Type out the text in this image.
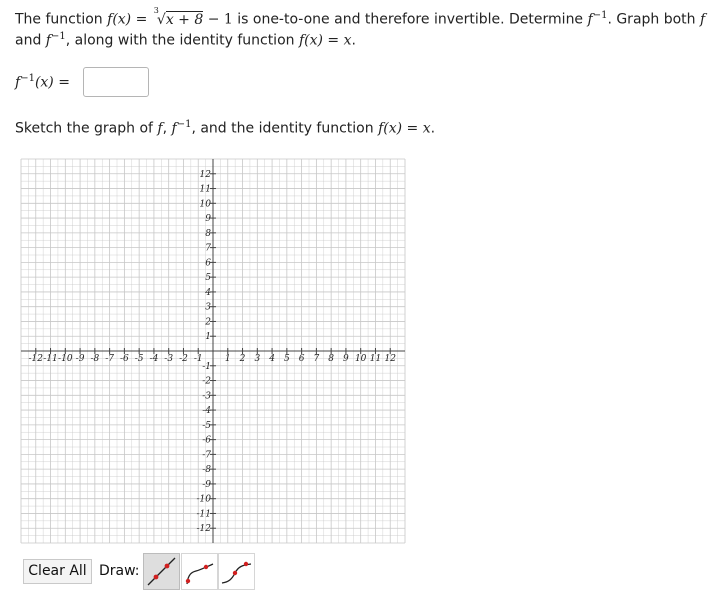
The function f(x) = $^3$√x + 8 − 1 is one-to-one and therefore invertible. Determine $f^{-1}$. Graph both f
and $f^{-1}$, along with the identity function f(x) = x.
$f^{-1}(x)$ =
Sketch the graph of f, $f^{-1}$, and the identity function f(x) = x.
-12 -11 -10 -9 -8 -7 -6 -5 -4 -3 -2 -1 1 2 3 4 5 6 7 8 9 10 11 12
12
11
10
9
8
7
6
5
4
3
2
1
-1
-2
-3
-4
-5
-6
-7
-8
-9
-10
-11
-12
Clear All Draw:
